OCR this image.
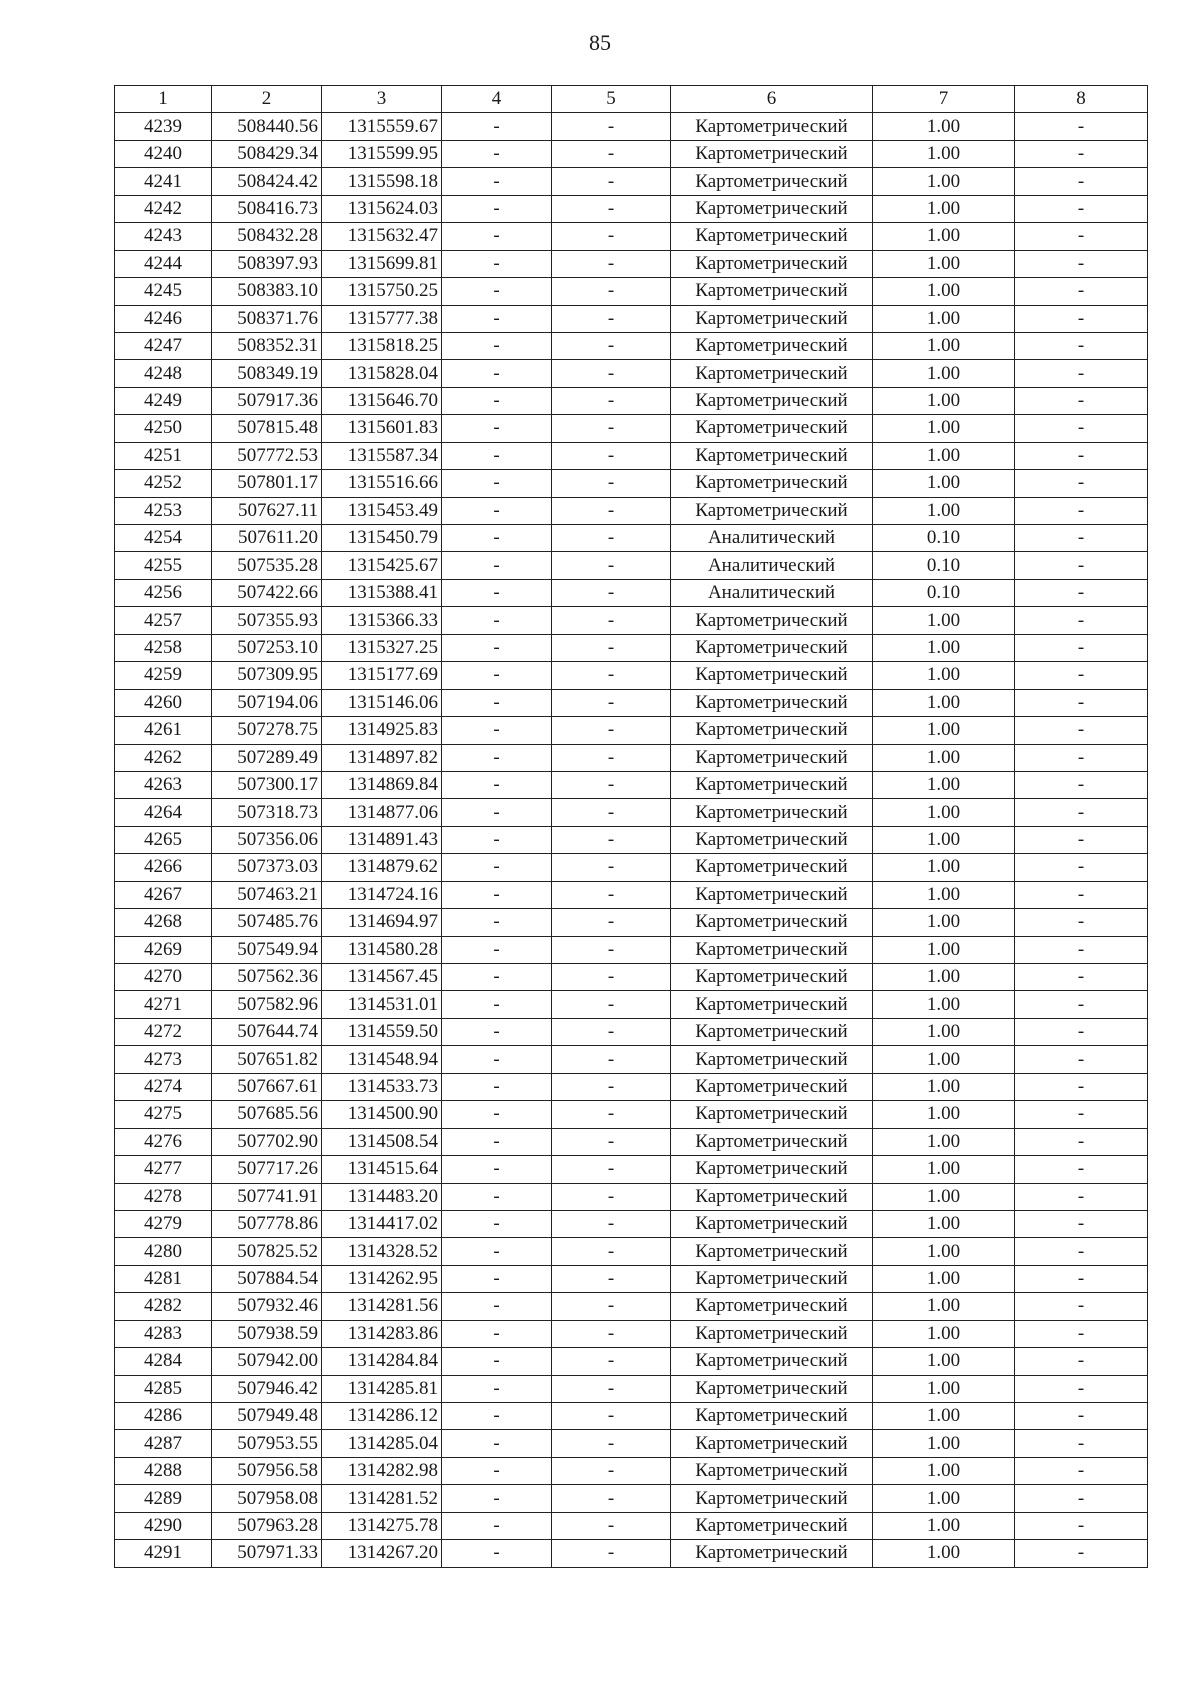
85
1	2	3	4	5	6	7	8
4239	508440.56	1315559.67	-	-	Картометрический	1.00	-
4240	508429.34	1315599.95	-	-	Картометрический	1.00	-
4241	508424.42	1315598.18	-	-	Картометрический	1.00	-
4242	508416.73	1315624.03	-	-	Картометрический	1.00	-
4243	508432.28	1315632.47	-	-	Картометрический	1.00	-
4244	508397.93	1315699.81	-	-	Картометрический	1.00	-
4245	508383.10	1315750.25	-	-	Картометрический	1.00	-
4246	508371.76	1315777.38	-	-	Картометрический	1.00	-
4247	508352.31	1315818.25	-	-	Картометрический	1.00	-
4248	508349.19	1315828.04	-	-	Картометрический	1.00	-
4249	507917.36	1315646.70	-	-	Картометрический	1.00	-
4250	507815.48	1315601.83	-	-	Картометрический	1.00	-
4251	507772.53	1315587.34	-	-	Картометрический	1.00	-
4252	507801.17	1315516.66	-	-	Картометрический	1.00	-
4253	507627.11	1315453.49	-	-	Картометрический	1.00	-
4254	507611.20	1315450.79	-	-	Аналитический	0.10	-
4255	507535.28	1315425.67	-	-	Аналитический	0.10	-
4256	507422.66	1315388.41	-	-	Аналитический	0.10	-
4257	507355.93	1315366.33	-	-	Картометрический	1.00	-
4258	507253.10	1315327.25	-	-	Картометрический	1.00	-
4259	507309.95	1315177.69	-	-	Картометрический	1.00	-
4260	507194.06	1315146.06	-	-	Картометрический	1.00	-
4261	507278.75	1314925.83	-	-	Картометрический	1.00	-
4262	507289.49	1314897.82	-	-	Картометрический	1.00	-
4263	507300.17	1314869.84	-	-	Картометрический	1.00	-
4264	507318.73	1314877.06	-	-	Картометрический	1.00	-
4265	507356.06	1314891.43	-	-	Картометрический	1.00	-
4266	507373.03	1314879.62	-	-	Картометрический	1.00	-
4267	507463.21	1314724.16	-	-	Картометрический	1.00	-
4268	507485.76	1314694.97	-	-	Картометрический	1.00	-
4269	507549.94	1314580.28	-	-	Картометрический	1.00	-
4270	507562.36	1314567.45	-	-	Картометрический	1.00	-
4271	507582.96	1314531.01	-	-	Картометрический	1.00	-
4272	507644.74	1314559.50	-	-	Картометрический	1.00	-
4273	507651.82	1314548.94	-	-	Картометрический	1.00	-
4274	507667.61	1314533.73	-	-	Картометрический	1.00	-
4275	507685.56	1314500.90	-	-	Картометрический	1.00	-
4276	507702.90	1314508.54	-	-	Картометрический	1.00	-
4277	507717.26	1314515.64	-	-	Картометрический	1.00	-
4278	507741.91	1314483.20	-	-	Картометрический	1.00	-
4279	507778.86	1314417.02	-	-	Картометрический	1.00	-
4280	507825.52	1314328.52	-	-	Картометрический	1.00	-
4281	507884.54	1314262.95	-	-	Картометрический	1.00	-
4282	507932.46	1314281.56	-	-	Картометрический	1.00	-
4283	507938.59	1314283.86	-	-	Картометрический	1.00	-
4284	507942.00	1314284.84	-	-	Картометрический	1.00	-
4285	507946.42	1314285.81	-	-	Картометрический	1.00	-
4286	507949.48	1314286.12	-	-	Картометрический	1.00	-
4287	507953.55	1314285.04	-	-	Картометрический	1.00	-
4288	507956.58	1314282.98	-	-	Картометрический	1.00	-
4289	507958.08	1314281.52	-	-	Картометрический	1.00	-
4290	507963.28	1314275.78	-	-	Картометрический	1.00	-
4291	507971.33	1314267.20	-	-	Картометрический	1.00	-
